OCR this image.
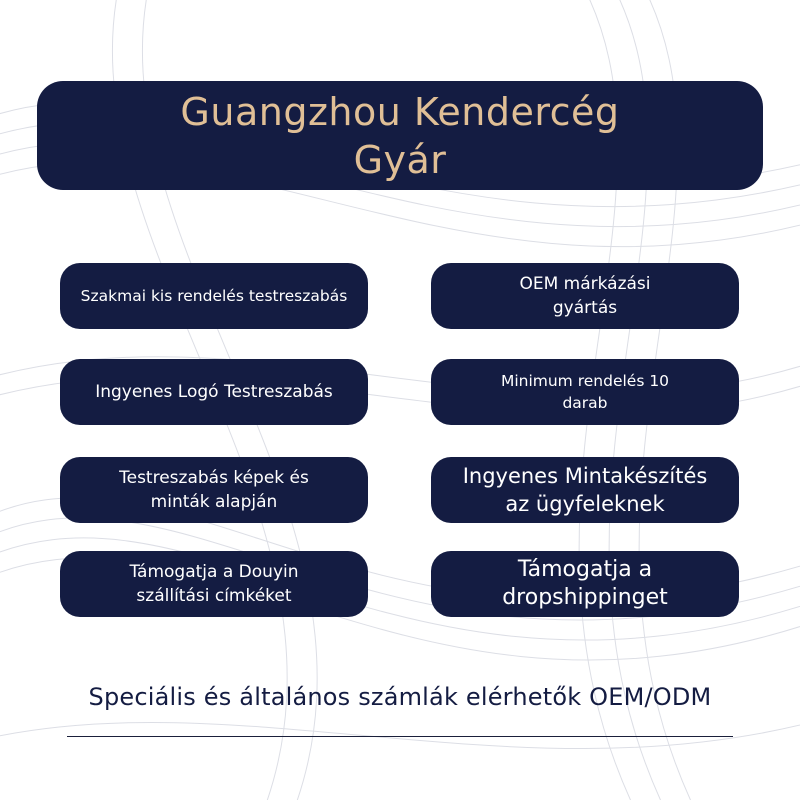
Guangzhou Kendercég
Gyár
Szakmai kis rendelés testreszabás
Ingyenes Logó Testreszabás
Testreszabás képek és
minták alapján
Támogatja a Douyin
szállítási címkéket
OEM márkázási
gyártás
Minimum rendelés 10
darab
Ingyenes Mintakészítés
az ügyfeleknek
Támogatja a
dropshippinget
Speciális és általános számlák elérhetők OEM/ODM
